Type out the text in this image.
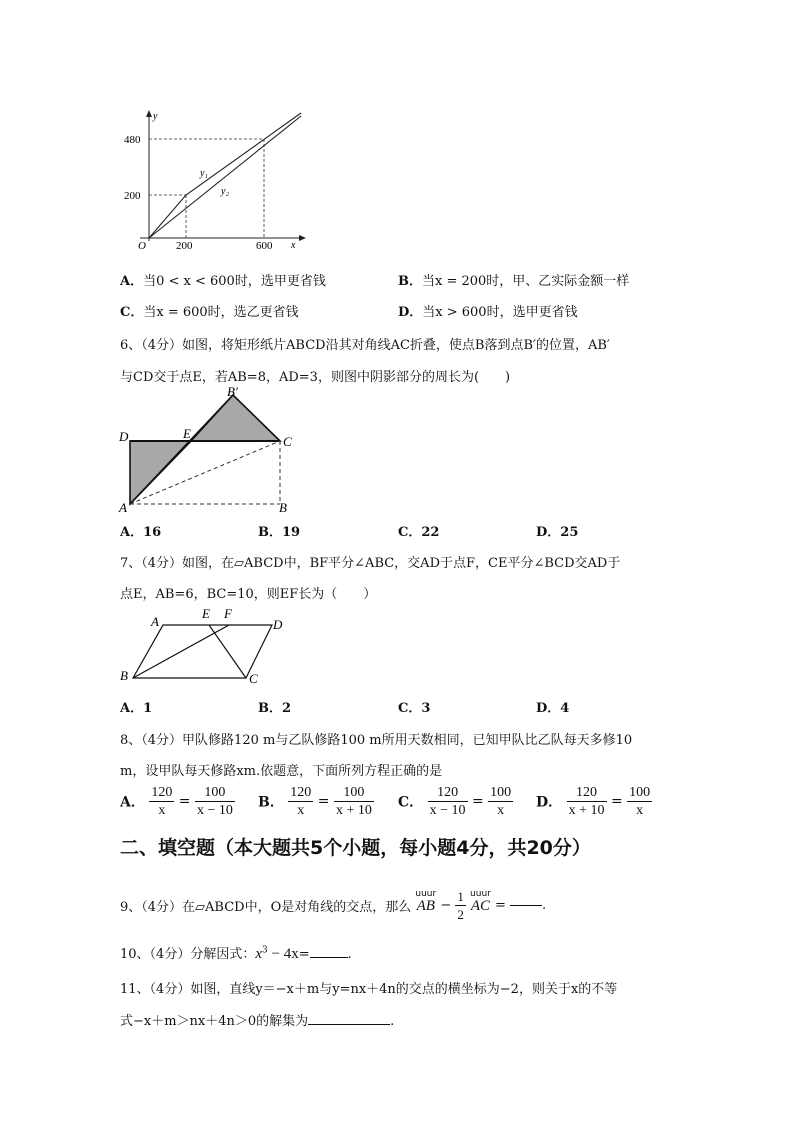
y
x
O
480
200
200	600
y₁
y₂
A．当0 < x < 600时，选甲更省钱	B．当x = 200时，甲、乙实际金额一样
C．当x = 600时，选乙更省钱	D．当x > 600时，选甲更省钱
6、（4分）如图，将矩形纸片ABCD沿其对角线AC折叠，使点B落到点B′的位置，AB′
与CD交于点E，若AB=8，AD=3，则图中阴影部分的周长为(　　)
D	E
C
A	B
B′
A．16	B．19	C．22	D．25
7、（4分）如图，在▱ABCD中，BF平分∠ABC，交AD于点F，CE平分∠BCD交AD于
点E，AB=6，BC=10，则EF长为（　　）
A
E F
D
B	C
A．1	B．2	C．3	D．4
8、（4分）甲队修路120 m与乙队修路100 m所用天数相同，已知甲队比乙队每天多修10
m，设甲队每天修路xm.依题意，下面所列方程正确的是
A． $\frac{120}{x} = \frac{100}{x - 10}$ B． $\frac{120}{x} = \frac{100}{x + 10}$ C． $\frac{120}{x - 10} = \frac{100}{x}$ D． $\frac{120}{x + 10} = \frac{100}{x}$
二、填空题（本大题共5个小题，每小题4分，共20分）
9、（4分）在▱ABCD中，O是对角线的交点，那么
uuur
AB − $\frac{1}{2}$
uuur
AC =	.
10、（4分）分解因式：$x^3 - 4x=$	.
11、（4分）如图，直线y＝−x＋m与y=nx＋4n的交点的横坐标为−2，则关于x的不等
式−x＋m＞nx＋4n＞0的解集为	.
